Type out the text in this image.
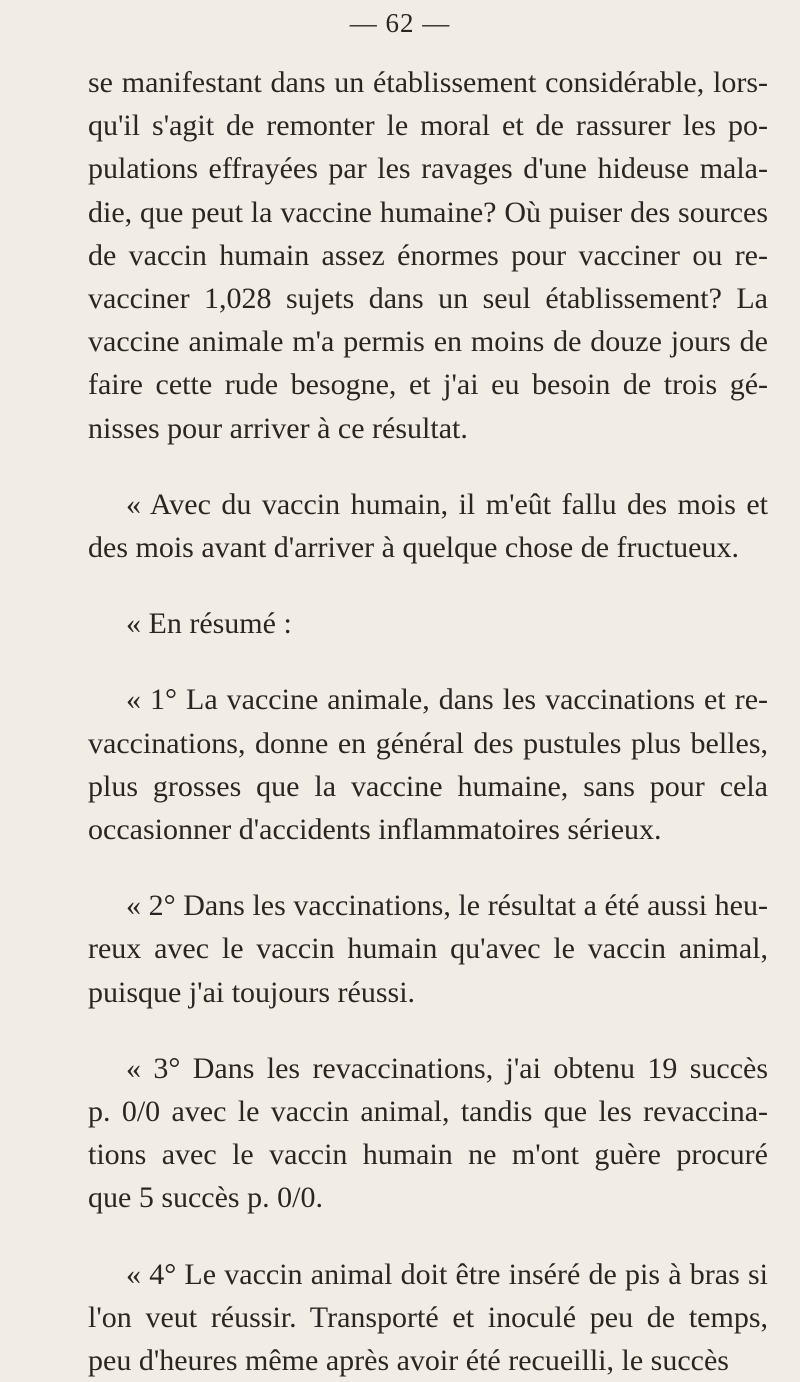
— 62 —
se manifestant dans un établissement considérable, lors-
qu'il s'agit de remonter le moral et de rassurer les po-
pulations effrayées par les ravages d'une hideuse mala-
die, que peut la vaccine humaine? Où puiser des sources
de vaccin humain assez énormes pour vacciner ou re-
vacciner 1,028 sujets dans un seul établissement? La
vaccine animale m'a permis en moins de douze jours de
faire cette rude besogne, et j'ai eu besoin de trois gé-
nisses pour arriver à ce résultat.
« Avec du vaccin humain, il m'eût fallu des mois et
des mois avant d'arriver à quelque chose de fructueux.
« En résumé :
« 1° La vaccine animale, dans les vaccinations et re-
vaccinations, donne en général des pustules plus belles,
plus grosses que la vaccine humaine, sans pour cela
occasionner d'accidents inflammatoires sérieux.
« 2° Dans les vaccinations, le résultat a été aussi heu-
reux avec le vaccin humain qu'avec le vaccin animal,
puisque j'ai toujours réussi.
« 3° Dans les revaccinations, j'ai obtenu 19 succès
p. 0/0 avec le vaccin animal, tandis que les revaccina-
tions avec le vaccin humain ne m'ont guère procuré
que 5 succès p. 0/0.
« 4° Le vaccin animal doit être inséré de pis à bras si
l'on veut réussir. Transporté et inoculé peu de temps,
peu d'heures même après avoir été recueilli, le succès
